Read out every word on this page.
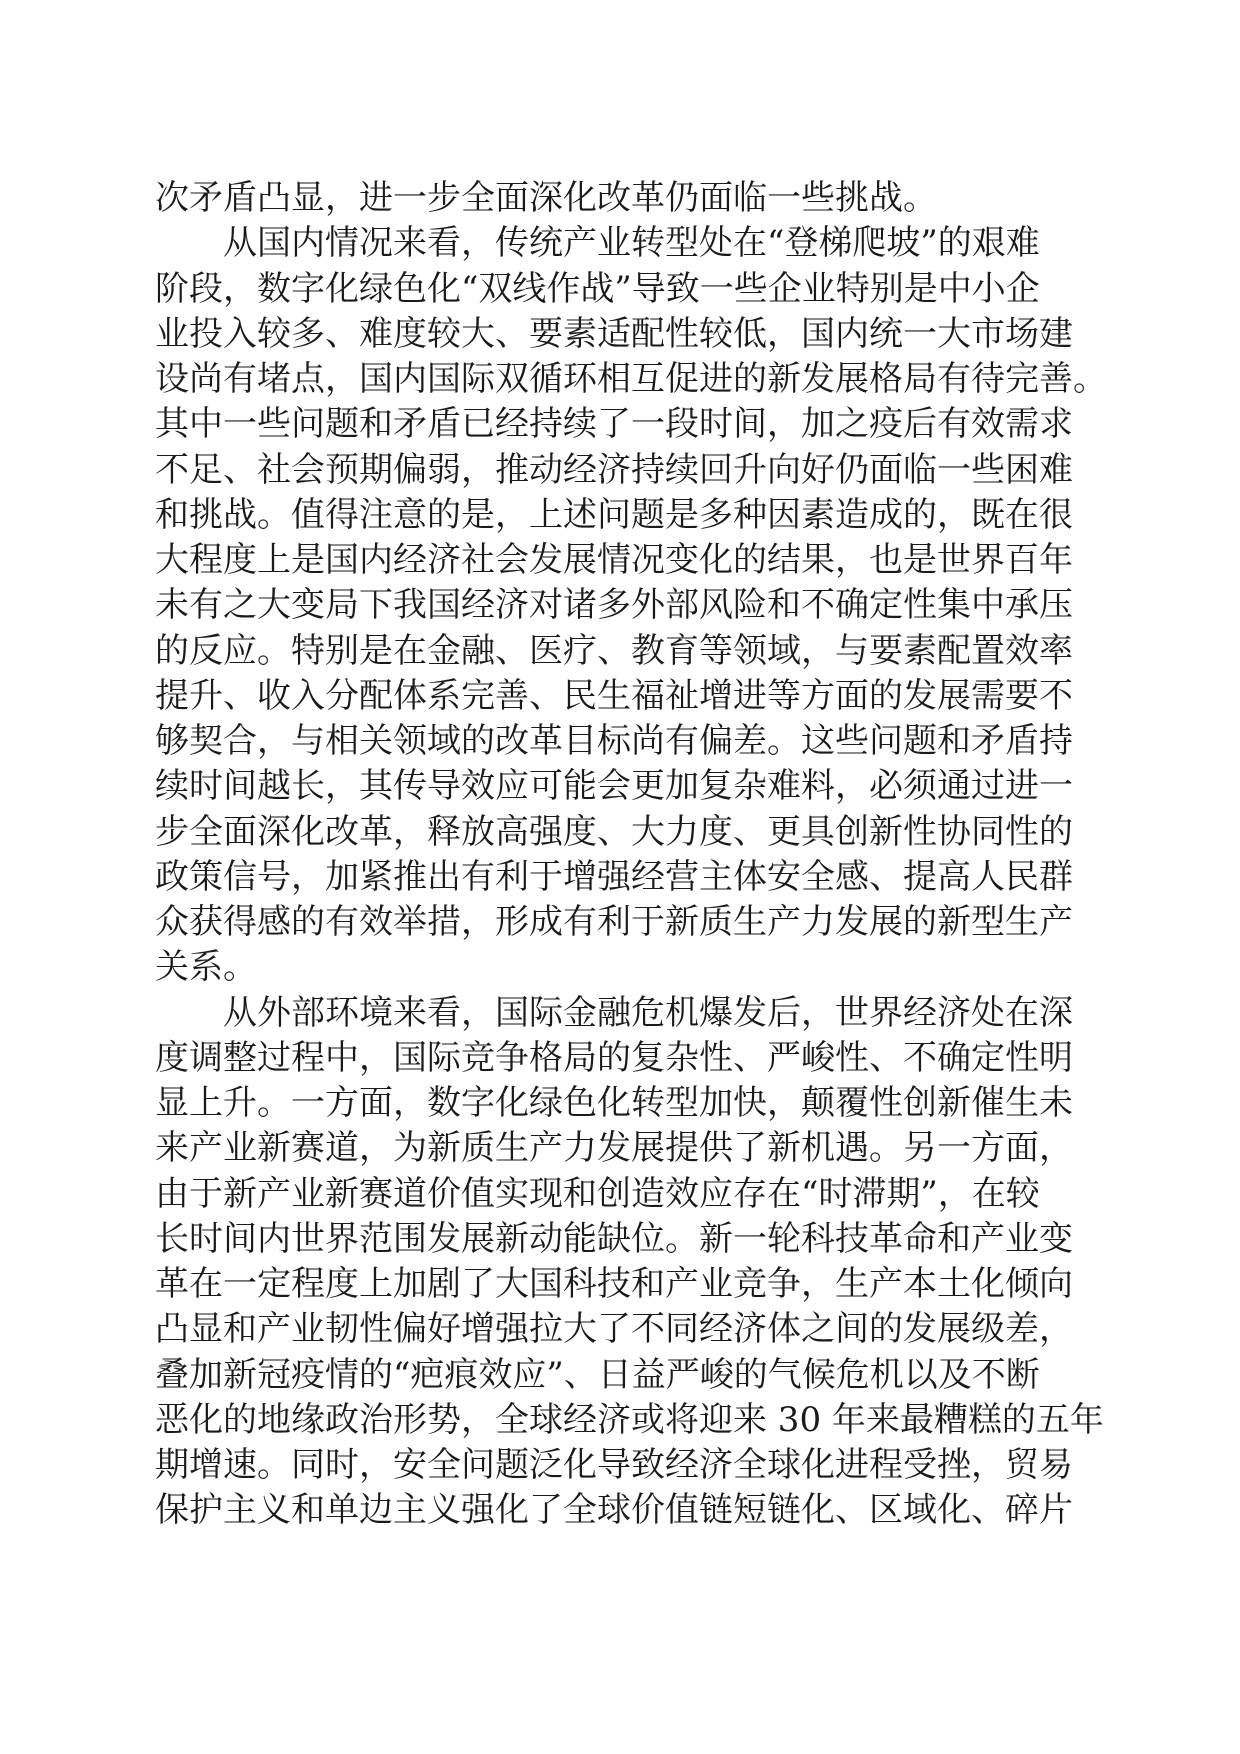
次矛盾凸显，进一步全面深化改革仍面临一些挑战。
从国内情况来看，传统产业转型处在“登梯爬坡”的艰难
阶段，数字化绿色化“双线作战”导致一些企业特别是中小企
业投入较多、难度较大、要素适配性较低，国内统一大市场建
设尚有堵点，国内国际双循环相互促进的新发展格局有待完善。
其中一些问题和矛盾已经持续了一段时间，加之疫后有效需求
不足、社会预期偏弱，推动经济持续回升向好仍面临一些困难
和挑战。值得注意的是，上述问题是多种因素造成的，既在很
大程度上是国内经济社会发展情况变化的结果，也是世界百年
未有之大变局下我国经济对诸多外部风险和不确定性集中承压
的反应。特别是在金融、医疗、教育等领域，与要素配置效率
提升、收入分配体系完善、民生福祉增进等方面的发展需要不
够契合，与相关领域的改革目标尚有偏差。这些问题和矛盾持
续时间越长，其传导效应可能会更加复杂难料，必须通过进一
步全面深化改革，释放高强度、大力度、更具创新性协同性的
政策信号，加紧推出有利于增强经营主体安全感、提高人民群
众获得感的有效举措，形成有利于新质生产力发展的新型生产
关系。
从外部环境来看，国际金融危机爆发后，世界经济处在深
度调整过程中，国际竞争格局的复杂性、严峻性、不确定性明
显上升。一方面，数字化绿色化转型加快，颠覆性创新催生未
来产业新赛道，为新质生产力发展提供了新机遇。另一方面，
由于新产业新赛道价值实现和创造效应存在“时滞期”，在较
长时间内世界范围发展新动能缺位。新一轮科技革命和产业变
革在一定程度上加剧了大国科技和产业竞争，生产本土化倾向
凸显和产业韧性偏好增强拉大了不同经济体之间的发展级差，
叠加新冠疫情的“疤痕效应”、日益严峻的气候危机以及不断
恶化的地缘政治形势，全球经济或将迎来 30 年来最糟糕的五年
期增速。同时，安全问题泛化导致经济全球化进程受挫，贸易
保护主义和单边主义强化了全球价值链短链化、区域化、碎片
